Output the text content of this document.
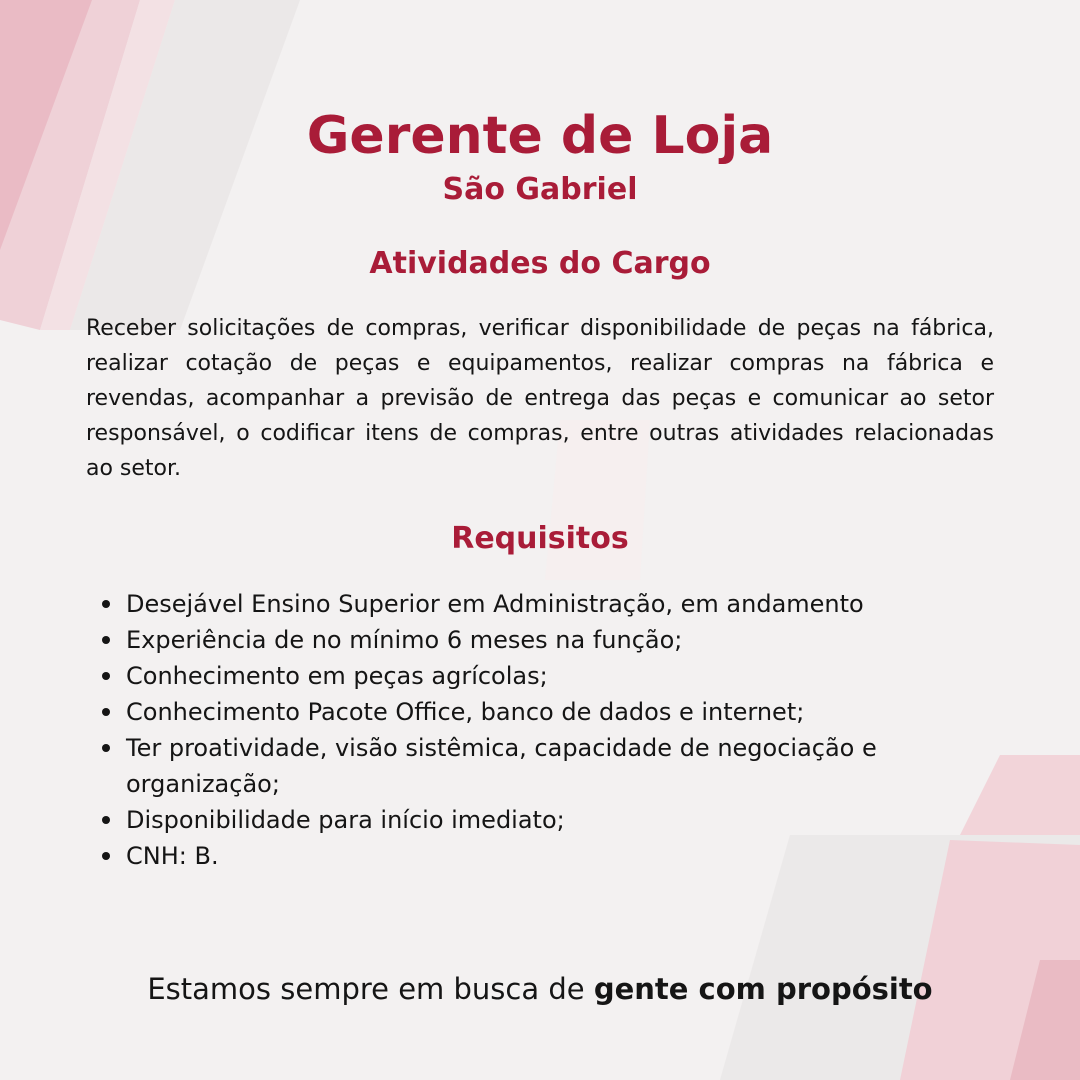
Gerente de Loja
São Gabriel
Atividades do Cargo

Receber solicitações de compras, verificar disponibilidade de peças na fábrica, realizar cotação de peças e equipamentos, realizar compras na fábrica e revendas, acompanhar a previsão de entrega das peças e comunicar ao setor responsável, o codificar itens de compras, entre outras atividades relacionadas ao setor.

Requisitos
Desejável Ensino Superior em Administração, em andamento
Experiência de no mínimo 6 meses na função;
Conhecimento em peças agrícolas;
Conhecimento Pacote Office, banco de dados e internet;
Ter proatividade, visão sistêmica, capacidade de negociação e organização;
Disponibilidade para início imediato;
CNH: B.

Estamos sempre em busca de gente com propósito
